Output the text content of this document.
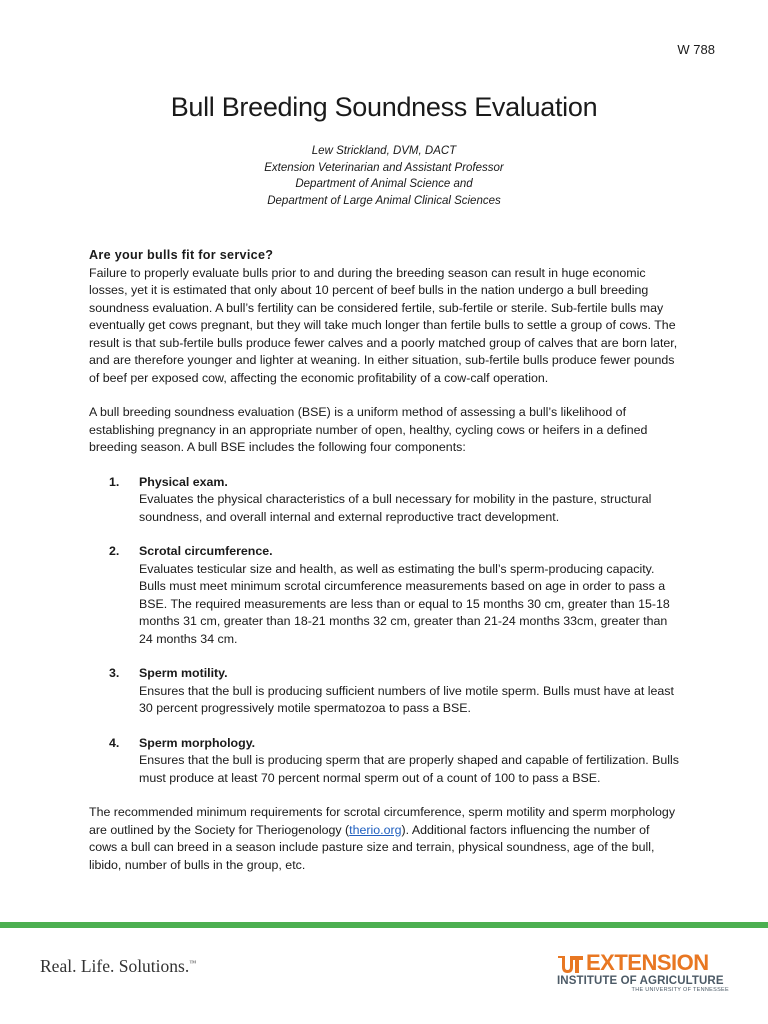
W 788
Bull Breeding Soundness Evaluation
Lew Strickland, DVM, DACT
Extension Veterinarian and Assistant Professor
Department of Animal Science and
Department of Large Animal Clinical Sciences

Are your bulls fit for service?

Failure to properly evaluate bulls prior to and during the breeding season can result in huge economic losses, yet it is estimated that only about 10 percent of beef bulls in the nation undergo a bull breeding soundness evaluation. A bull’s fertility can be considered fertile, sub-fertile or sterile. Sub-fertile bulls may eventually get cows pregnant, but they will take much longer than fertile bulls to settle a group of cows. The result is that sub-fertile bulls produce fewer calves and a poorly matched group of calves that are born later, and are therefore younger and lighter at weaning. In either situation, sub-fertile bulls produce fewer pounds of beef per exposed cow, affecting the economic profitability of a cow-calf operation.

A bull breeding soundness evaluation (BSE) is a uniform method of assessing a bull’s likelihood of establishing pregnancy in an appropriate number of open, healthy, cycling cows or heifers in a defined breeding season. A bull BSE includes the following four components:

1.	Physical exam.
Evaluates the physical characteristics of a bull necessary for mobility in the pasture, structural soundness, and overall internal and external reproductive tract development.
2.	Scrotal circumference.
Evaluates testicular size and health, as well as estimating the bull’s sperm-producing capacity. Bulls must meet minimum scrotal circumference measurements based on age in order to pass a BSE. The required measurements are less than or equal to 15 months 30 cm, greater than 15-18 months 31 cm, greater than 18-21 months 32 cm, greater than 21-24 months 33cm, greater than 24 months 34 cm.
3.	Sperm motility.
Ensures that the bull is producing sufficient numbers of live motile sperm. Bulls must have at least 30 percent progressively motile spermatozoa to pass a BSE.
4.	Sperm morphology.
Ensures that the bull is producing sperm that are properly shaped and capable of fertilization. Bulls must produce at least 70 percent normal sperm out of a count of 100 to pass a BSE.

The recommended minimum requirements for scrotal circumference, sperm motility and sperm morphology are outlined by the Society for Theriogenology (therio.org). Additional factors influencing the number of cows a bull can breed in a season include pasture size and terrain, physical soundness, age of the bull, libido, number of bulls in the group, etc.

Real. Life. Solutions.™	EXTENSION
INSTITUTE OF AGRICULTURE
THE UNIVERSITY OF TENNESSEE
